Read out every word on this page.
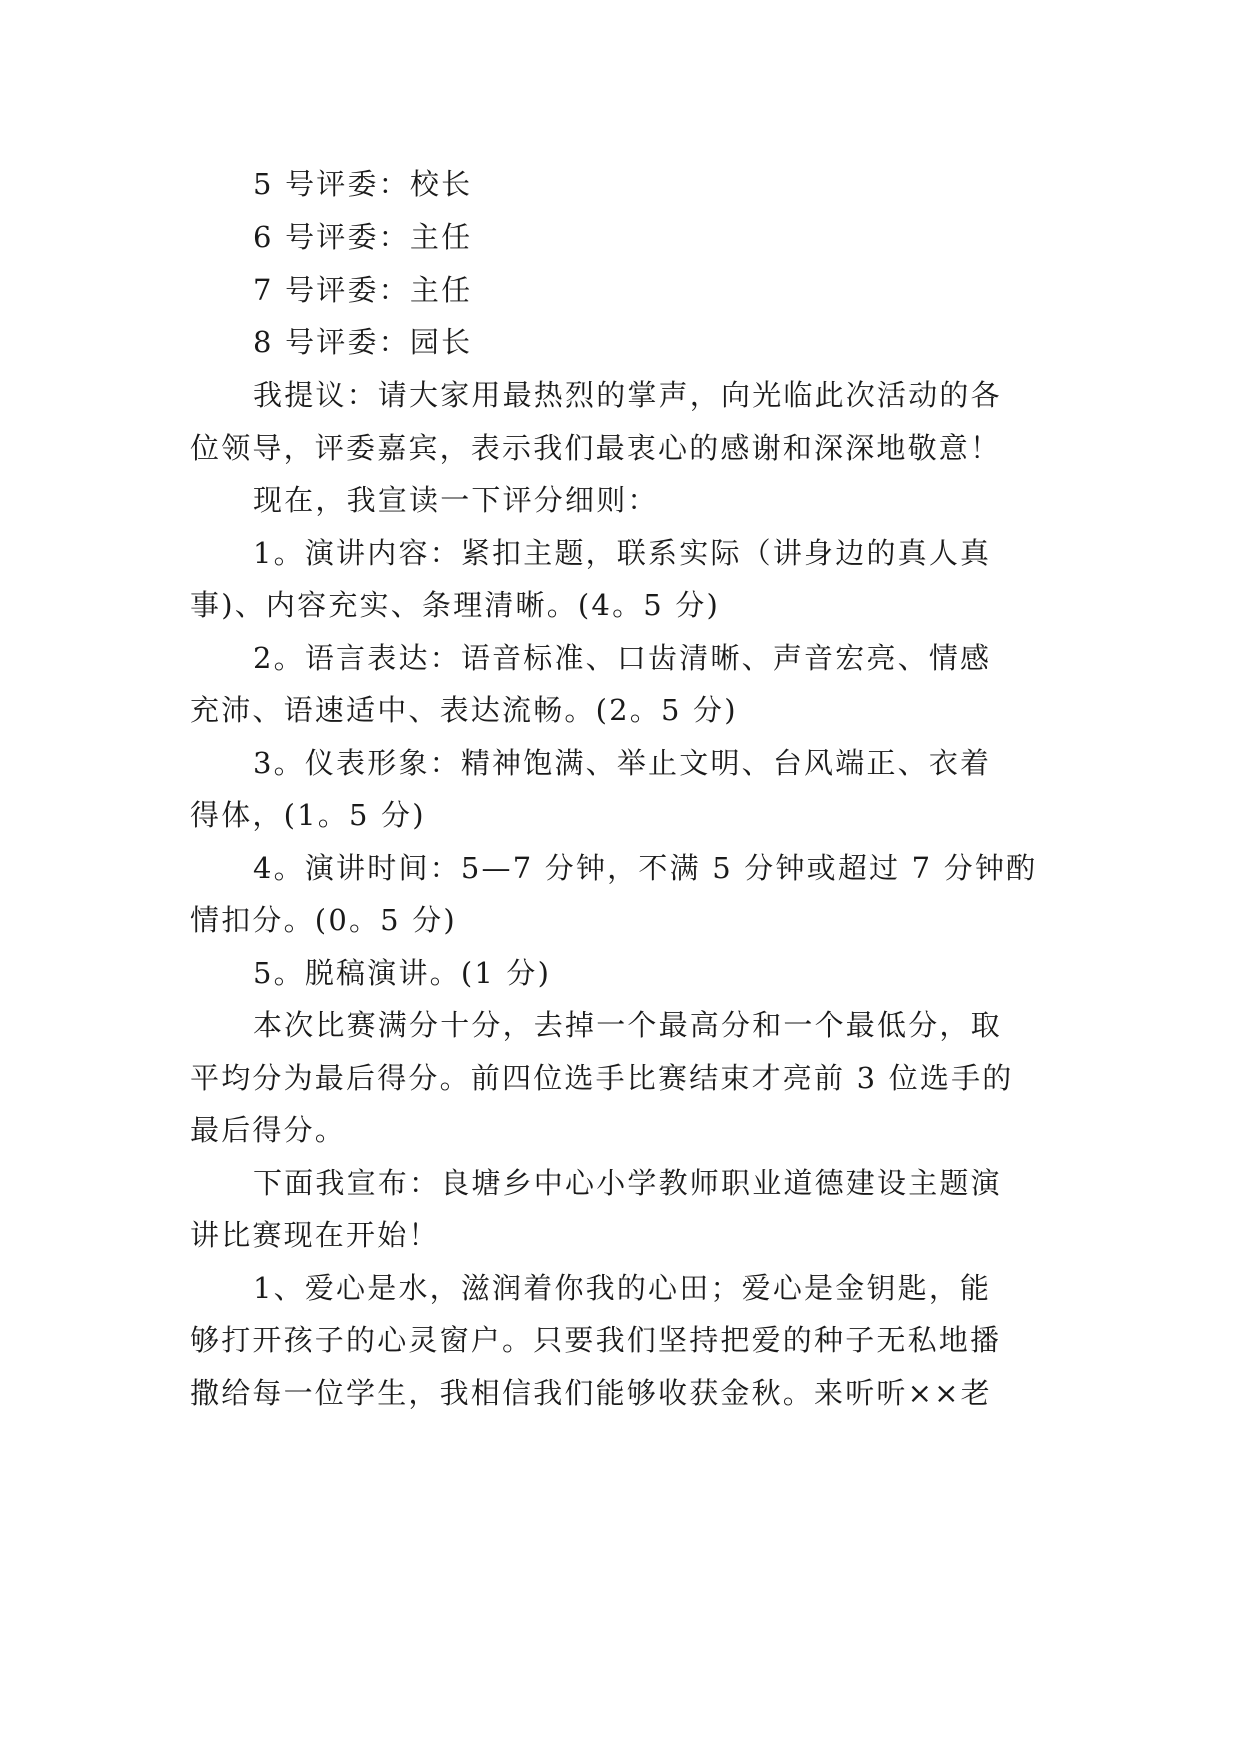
5 号评委：校长
6 号评委：主任
7 号评委：主任
8 号评委：园长
我提议：请大家用最热烈的掌声，向光临此次活动的各
位领导，评委嘉宾，表示我们最衷心的感谢和深深地敬意！
现在，我宣读一下评分细则：
1。演讲内容：紧扣主题，联系实际（讲身边的真人真
事)、内容充实、条理清晰。(4。5 分)
2。语言表达：语音标准、口齿清晰、声音宏亮、情感
充沛、语速适中、表达流畅。(2。5 分)
3。仪表形象：精神饱满、举止文明、台风端正、衣着
得体，(1。5 分)
4。演讲时间：5—7 分钟，不满 5 分钟或超过 7 分钟酌
情扣分。(0。5 分)
5。脱稿演讲。(1 分)
本次比赛满分十分，去掉一个最高分和一个最低分，取
平均分为最后得分。前四位选手比赛结束才亮前 3 位选手的
最后得分。
下面我宣布：良塘乡中心小学教师职业道德建设主题演
讲比赛现在开始！
1、爱心是水，滋润着你我的心田；爱心是金钥匙，能
够打开孩子的心灵窗户。只要我们坚持把爱的种子无私地播
撒给每一位学生，我相信我们能够收获金秋。来听听××老
